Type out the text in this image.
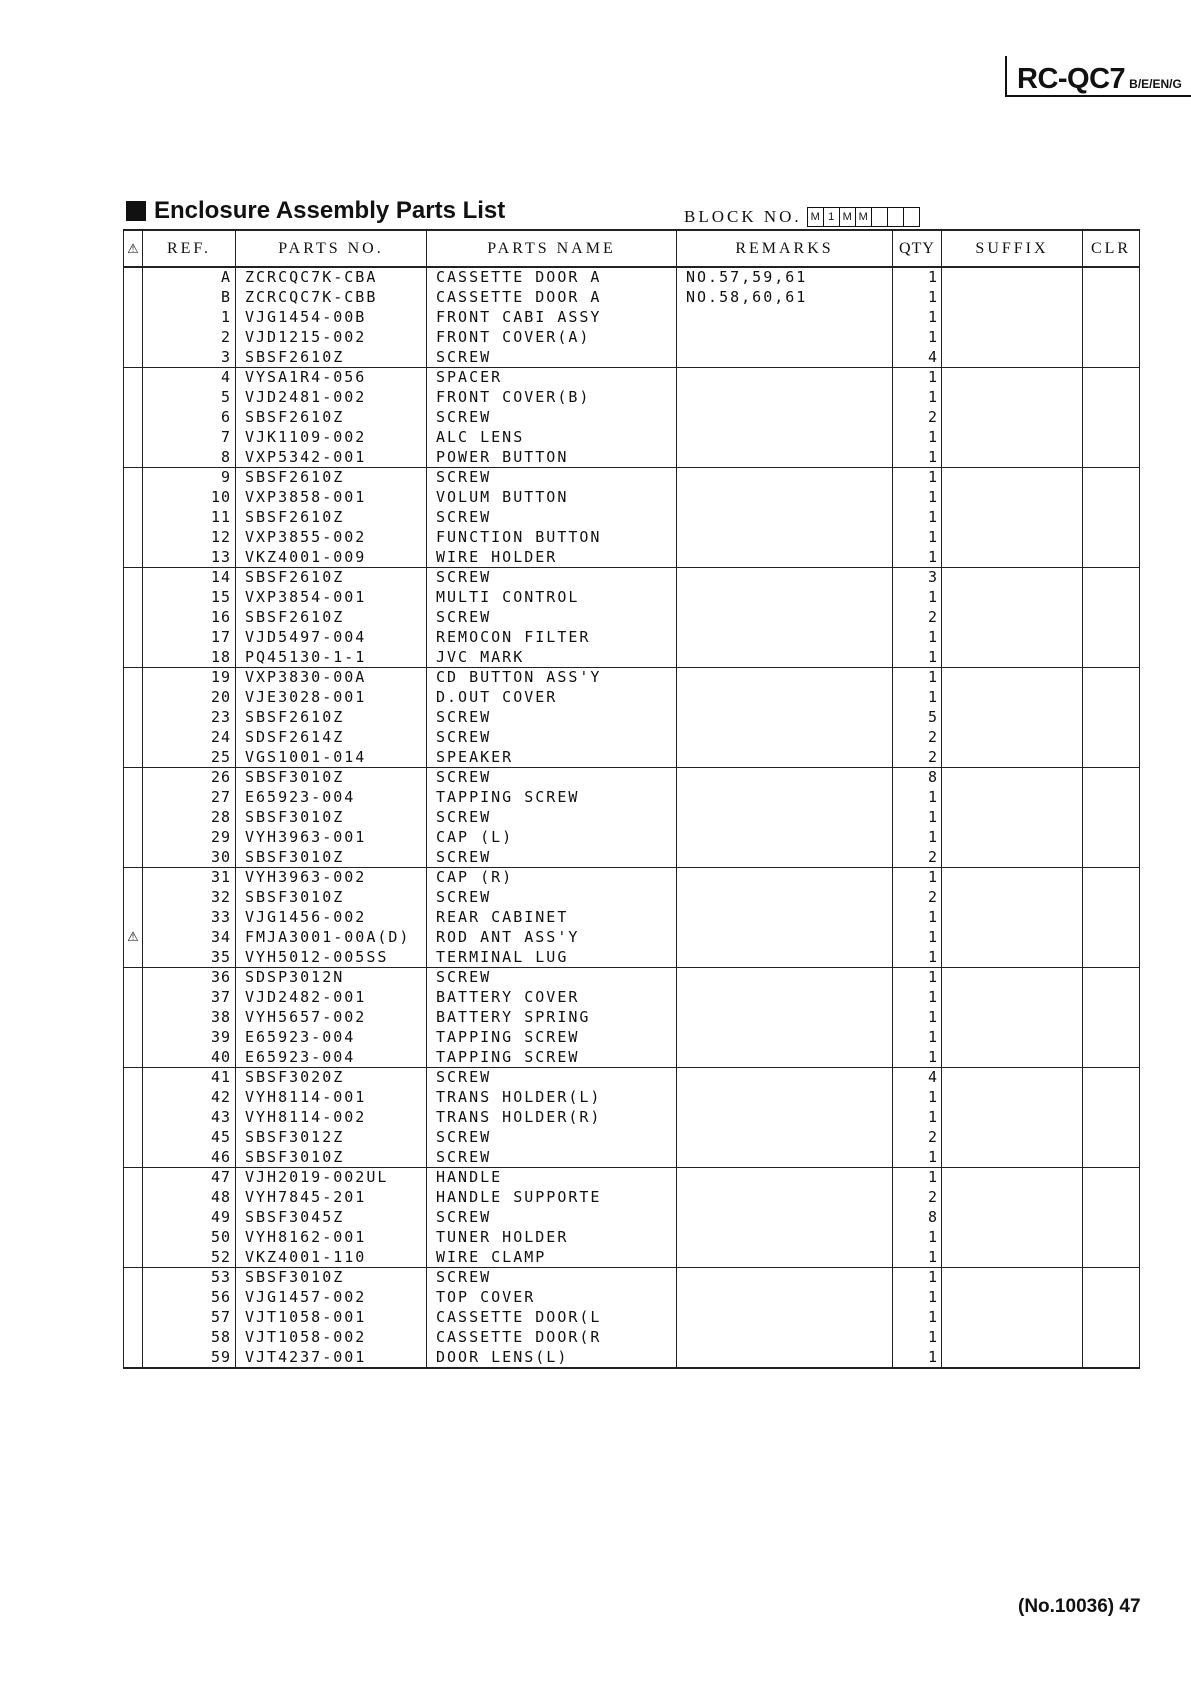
RC-QC7 B/E/EN/G
Enclosure Assembly Parts List	BLOCK NO. M 1 M M
⚠	REF.	PARTS NO.	PARTS NAME	REMARKS	QTY	SUFFIX	CLR
	A	ZCRCQC7K-CBA	CASSETTE DOOR A	NO.57,59,61	1		
	B	ZCRCQC7K-CBB	CASSETTE DOOR A	NO.58,60,61	1		
	1	VJG1454-00B	FRONT CABI ASSY		1		
	2	VJD1215-002	FRONT COVER(A)		1		
	3	SBSF2610Z	SCREW		4		
	4	VYSA1R4-056	SPACER		1		
	5	VJD2481-002	FRONT COVER(B)		1		
	6	SBSF2610Z	SCREW		2		
	7	VJK1109-002	ALC LENS		1		
	8	VXP5342-001	POWER BUTTON		1		
	9	SBSF2610Z	SCREW		1		
	10	VXP3858-001	VOLUM BUTTON		1		
	11	SBSF2610Z	SCREW		1		
	12	VXP3855-002	FUNCTION BUTTON		1		
	13	VKZ4001-009	WIRE HOLDER		1		
	14	SBSF2610Z	SCREW		3		
	15	VXP3854-001	MULTI CONTROL		1		
	16	SBSF2610Z	SCREW		2		
	17	VJD5497-004	REMOCON FILTER		1		
	18	PQ45130-1-1	JVC MARK		1		
	19	VXP3830-00A	CD BUTTON ASS'Y		1		
	20	VJE3028-001	D.OUT COVER		1		
	23	SBSF2610Z	SCREW		5		
	24	SDSF2614Z	SCREW		2		
	25	VGS1001-014	SPEAKER		2		
	26	SBSF3010Z	SCREW		8		
	27	E65923-004	TAPPING SCREW		1		
	28	SBSF3010Z	SCREW		1		
	29	VYH3963-001	CAP (L)		1		
	30	SBSF3010Z	SCREW		2		
	31	VYH3963-002	CAP (R)		1		
	32	SBSF3010Z	SCREW		2		
	33	VJG1456-002	REAR CABINET		1		
⚠	34	FMJA3001-00A(D)	ROD ANT ASS'Y		1		
	35	VYH5012-005SS	TERMINAL LUG		1		
	36	SDSP3012N	SCREW		1		
	37	VJD2482-001	BATTERY COVER		1		
	38	VYH5657-002	BATTERY SPRING		1		
	39	E65923-004	TAPPING SCREW		1		
	40	E65923-004	TAPPING SCREW		1		
	41	SBSF3020Z	SCREW		4		
	42	VYH8114-001	TRANS HOLDER(L)		1		
	43	VYH8114-002	TRANS HOLDER(R)		1		
	45	SBSF3012Z	SCREW		2		
	46	SBSF3010Z	SCREW		1		
	47	VJH2019-002UL	HANDLE		1		
	48	VYH7845-201	HANDLE SUPPORTE		2		
	49	SBSF3045Z	SCREW		8		
	50	VYH8162-001	TUNER HOLDER		1		
	52	VKZ4001-110	WIRE CLAMP		1		
	53	SBSF3010Z	SCREW		1		
	56	VJG1457-002	TOP COVER		1		
	57	VJT1058-001	CASSETTE DOOR(L		1		
	58	VJT1058-002	CASSETTE DOOR(R		1		
	59	VJT4237-001	DOOR LENS(L)		1		
(No.10036) 47
